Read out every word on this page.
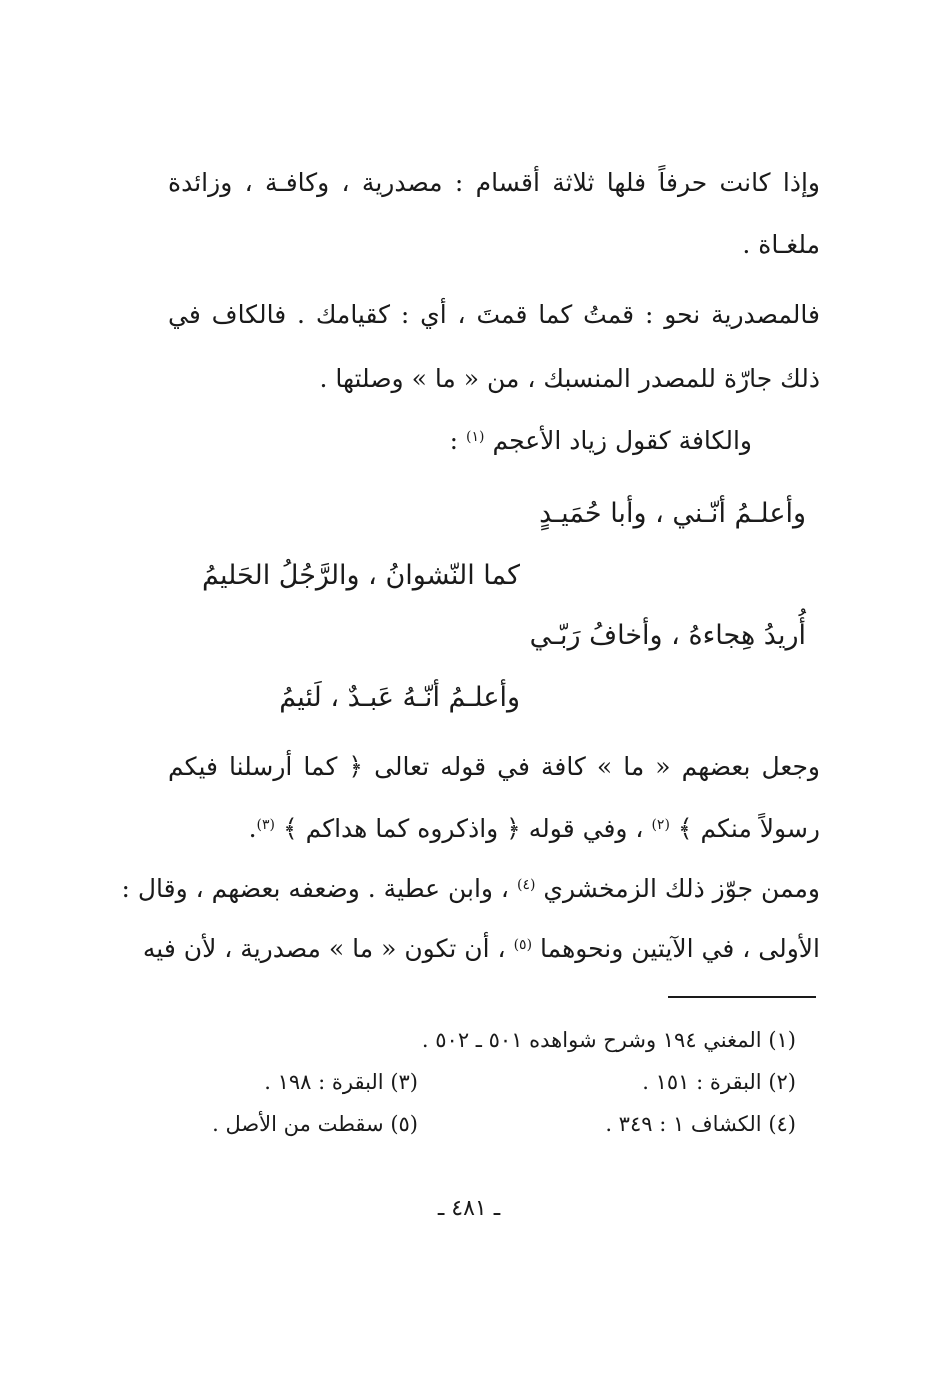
وإذا كانت حرفاً فلها ثلاثة أقسام : مصدرية ، وكافـة ، وزائدة
ملغـاة .
فالمصدرية نحو : قمتُ كما قمتَ ، أي : كقيامك . فالكاف في
ذلك جارّة للمصدر المنسبك ، من « ما » وصلتها .
والكافة كقول زياد الأعجم $^{(١)}$ :
وأعلـمُ أنّـني ، وأبا حُمَيـدٍ
كما النّشوانُ ، والرَّجُلُ الحَليمُ
أُريدُ هِجاءهُ ، وأخافُ رَبّـي
وأعلـمُ أنّـهُ عَبـدٌ ، لَئيمُ
وجعل بعضهم « ما » كافة في قوله تعالى ﴿ كما أرسلنا فيكم
رسولاً منكم ﴾ $^{(٢)}$ ، وفي قوله ﴿ واذكروه كما هداكم ﴾ $^{(٣)}$.
وممن جوّز ذلك الزمخشري $^{(٤)}$ ، وابن عطية . وضعفه بعضهم ، وقال :
الأولى ، في الآيتين ونحوهما $^{(٥)}$ ، أن تكون « ما » مصدرية ، لأن فيه
(١) المغني ١٩٤ وشرح شواهده ٥٠١ ـ ٥٠٢ .
(٢) البقرة : ١٥١ .
(٣) البقرة : ١٩٨ .
(٤) الكشاف ١ : ٣٤٩ .
(٥) سقطت من الأصل .
ـ ٤٨١ ـ
